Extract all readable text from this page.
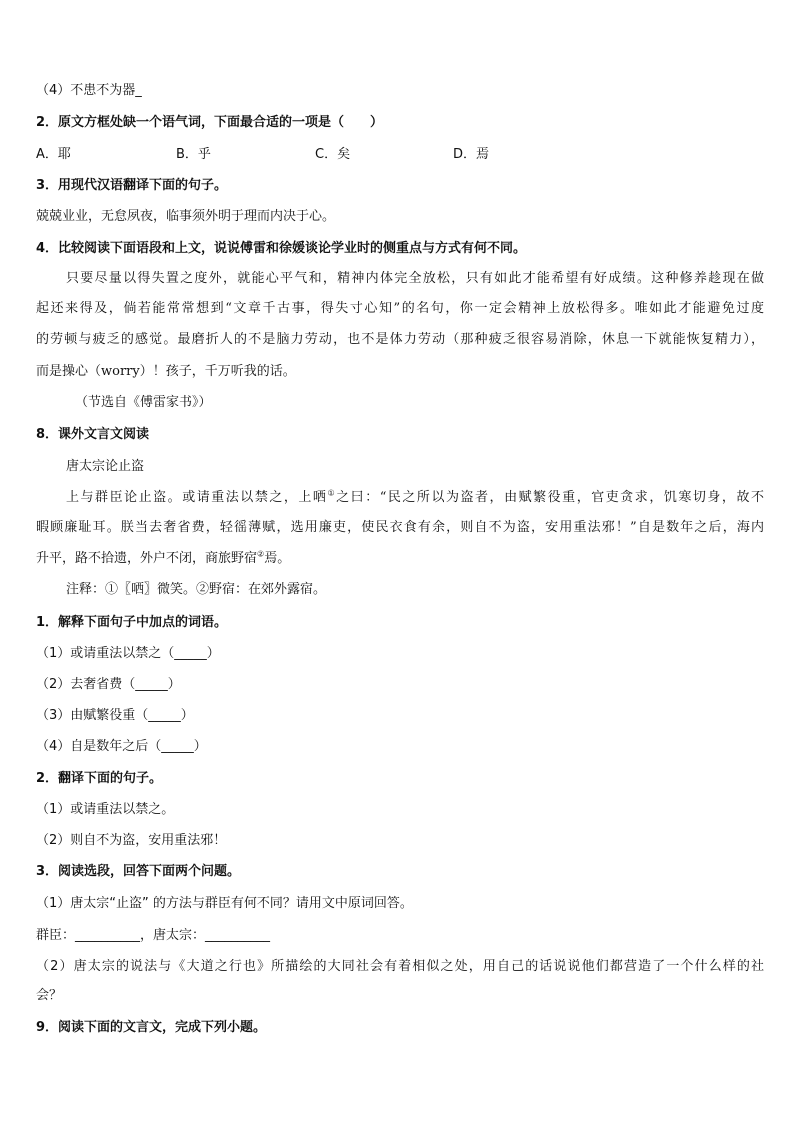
（4）不患不为器_
2．原文方框处缺一个语气词，下面最合适的一项是（　　）
A．耶	B．乎	C．矣	D．焉
3．用现代汉语翻译下面的句子。
兢兢业业，无怠夙夜，临事须外明于理而内决于心。
4．比较阅读下面语段和上文，说说傅雷和徐媛谈论学业时的侧重点与方式有何不同。
只要尽量以得失置之度外，就能心平气和，精神内体完全放松，只有如此才能希望有好成绩。这种修养趁现在做
起还来得及，倘若能常常想到“文章千古事，得失寸心知”的名句，你一定会精神上放松得多。唯如此才能避免过度
的劳顿与疲乏的感觉。最磨折人的不是脑力劳动，也不是体力劳动（那种疲乏很容易消除，休息一下就能恢复精力），
而是操心（worry）！孩子，千万听我的话。
（节选自《傅雷家书》）
8．课外文言文阅读
唐太宗论止盗
上与群臣论止盗。或请重法以禁之，上哂①之曰：“民之所以为盗者，由赋繁役重，官吏贪求，饥寒切身，故不
暇顾廉耻耳。朕当去奢省费，轻徭薄赋，选用廉吏，使民衣食有余，则自不为盗，安用重法邪！”自是数年之后，海内
升平，路不拾遗，外户不闭，商旅野宿②焉。
注释：①〖哂〗微笑。②野宿：在郊外露宿。
1．解释下面句子中加点的词语。
（1）或请重法以禁之（_____）
（2）去奢省费（_____）
（3）由赋繁役重（_____）
（4）自是数年之后（_____）
2．翻译下面的句子。
（1）或请重法以禁之。
（2）则自不为盗，安用重法邪！
3．阅读选段，回答下面两个问题。
（1）唐太宗“止盗” 的方法与群臣有何不同？请用文中原词回答。
群臣：__________，唐太宗：__________
（2）唐太宗的说法与《大道之行也》所描绘的大同社会有着相似之处，用自己的话说说他们都营造了一个什么样的社
会？
9．阅读下面的文言文，完成下列小题。
